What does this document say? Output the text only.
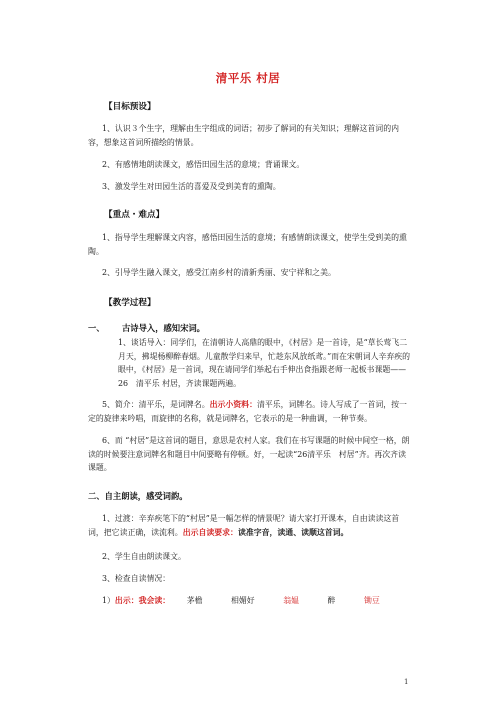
清平乐 村居
【目标预设】
1、认识３个生字，理解由生字组成的词语；初步了解词的有关知识；理解这首词的内容，想象这首词所描绘的情景。
2、有感情地朗读课文，感悟田园生活的意境；背诵课文。
3、激发学生对田园生活的喜爱及受到美育的熏陶。
【重点・难点】
1、指导学生理解课文内容，感悟田园生活的意境；有感情朗读课文，使学生受到美的熏陶。
2、引导学生融入课文，感受江南乡村的清新秀丽、安宁祥和之美。
【教学过程】
一、 古诗导入，感知宋词。
1、谈话导入：同学们，在清朝诗人高鼎的眼中，《村居》是一首诗，是“草长莺飞二月天，拂堤杨柳醉春烟。儿童散学归来早，忙趁东风放纸鸢。”而在宋朝词人辛弃疾的眼中，《村居》是一首词，现在请同学们举起右手伸出食指跟老师一起板书课题——26　清平乐 村居，齐读课题两遍。
5、简介：清平乐，是词牌名。出示小资料：清平乐，词牌名。诗人写成了一首词，按一定的旋律来吟唱，而旋律的名称，就是词牌名，它表示的是一种曲调，一种节奏。
6、而 “村居”是这首词的题目，意思是农村人家。我们在书写课题的时候中间空一格，朗读的时候要注意词牌名和题目中间要略有停顿。好，一起读“26清平乐　村居”齐。再次齐读课题。
二、自主朗读，感受词韵。
1、过渡：辛弃疾笔下的“村居”是一幅怎样的情景呢？请大家打开课本，自由读读这首词，把它读正确，读流利。出示自读要求：读准字音，读通、读顺这首词。
2、学生自由朗读课文。
3、检查自读情况：
1）出示：我会读： 茅檐	相媚好	翁媪	醉	锄豆
1
